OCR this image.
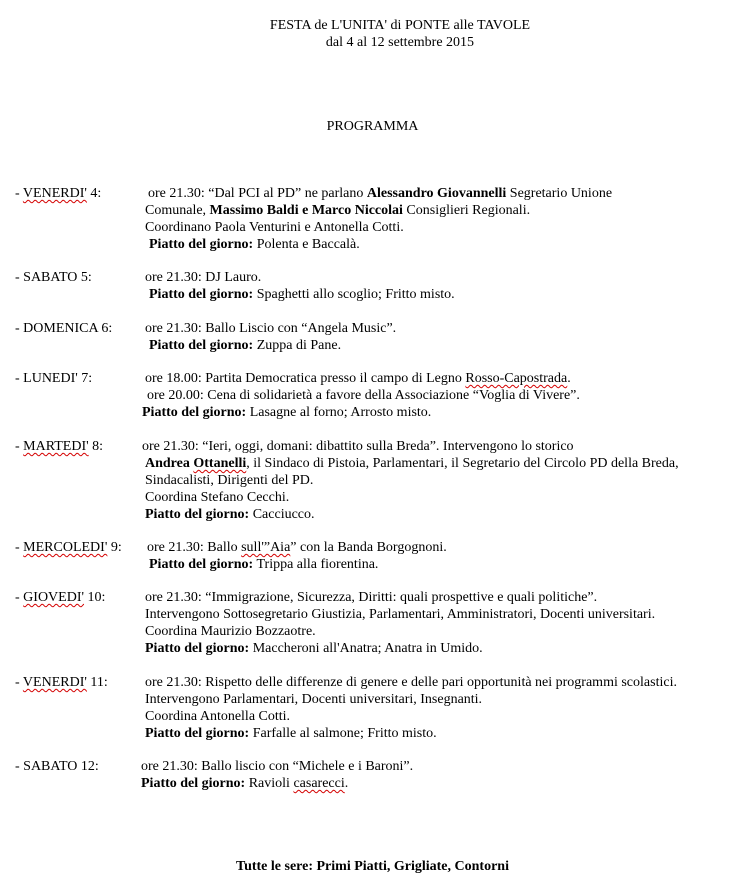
FESTA de L'UNITA' di PONTE alle TAVOLE
dal 4 al 12 settembre 2015
PROGRAMMA
- VENERDI' 4:	ore 21.30: “Dal PCI al PD” ne parlano Alessandro Giovannelli Segretario Unione
Comunale, Massimo Baldi e Marco Niccolai Consiglieri Regionali.
Coordinano Paola Venturini e Antonella Cotti.
Piatto del giorno: Polenta e Baccalà.
- SABATO 5:	ore 21.30: DJ Lauro.
Piatto del giorno: Spaghetti allo scoglio; Fritto misto.
- DOMENICA 6: ore 21.30: Ballo Liscio con “Angela Music”.
Piatto del giorno: Zuppa di Pane.
- LUNEDI' 7:	ore 18.00: Partita Democratica presso il campo di Legno Rosso-Capostrada.
ore 20.00: Cena di solidarietà a favore della Associazione “Voglia di Vivere”.
Piatto del giorno: Lasagne al forno; Arrosto misto.
- MARTEDI' 8:	ore 21.30: “Ieri, oggi, domani: dibattito sulla Breda”. Intervengono lo storico
Andrea Ottanelli, il Sindaco di Pistoia, Parlamentari, il Segretario del Circolo PD della Breda,
Sindacalisti, Dirigenti del PD.
Coordina Stefano Cecchi.
Piatto del giorno: Cacciucco.
- MERCOLEDI' 9: ore 21.30: Ballo sull'”Aia” con la Banda Borgognoni.
Piatto del giorno: Trippa alla fiorentina.
- GIOVEDI' 10:	ore 21.30: “Immigrazione, Sicurezza, Diritti: quali prospettive e quali politiche”.
Intervengono Sottosegretario Giustizia, Parlamentari, Amministratori, Docenti universitari.
Coordina Maurizio Bozzaotre.
Piatto del giorno: Maccheroni all'Anatra; Anatra in Umido.
- VENERDI' 11:	ore 21.30: Rispetto delle differenze di genere e delle pari opportunità nei programmi scolastici.
Intervengono Parlamentari, Docenti universitari, Insegnanti.
Coordina Antonella Cotti.
Piatto del giorno: Farfalle al salmone; Fritto misto.
- SABATO 12:	ore 21.30: Ballo liscio con “Michele e i Baroni”.
Piatto del giorno: Ravioli casarecci.
Tutte le sere: Primi Piatti, Grigliate, Contorni
